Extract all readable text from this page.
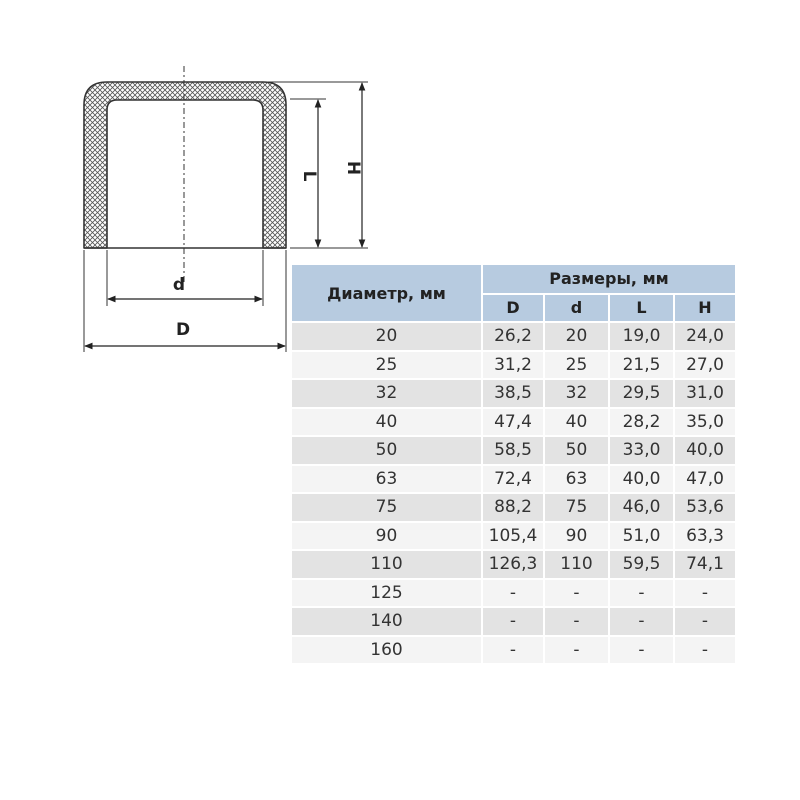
d
D
L
H
Диаметр, мм	Размеры, мм			
	D	d	L	H
20	26,2	20	19,0	24,0
25	31,2	25	21,5	27,0
32	38,5	32	29,5	31,0
40	47,4	40	28,2	35,0
50	58,5	50	33,0	40,0
63	72,4	63	40,0	47,0
75	88,2	75	46,0	53,6
90	105,4	90	51,0	63,3
110	126,3	110	59,5	74,1
125	-	-	-	-
140	-	-	-	-
160	-	-	-	-
